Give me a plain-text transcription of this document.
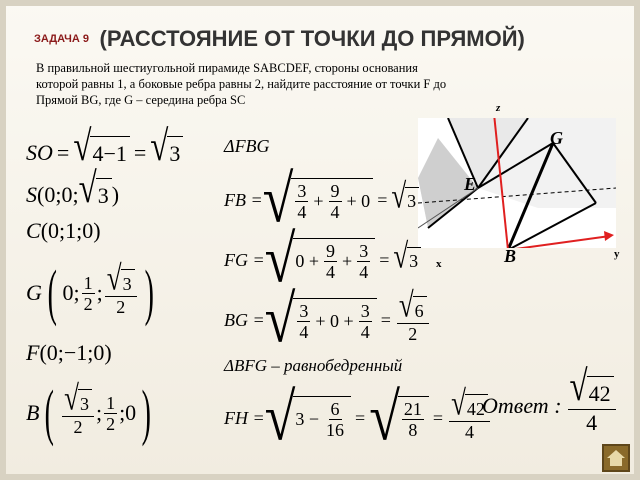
ЗАДАЧА 9 (РАССТОЯНИЕ ОТ ТОЧКИ ДО ПРЯМОЙ)
В правильной шестиугольной пирамиде SABCDEF, стороны основания
которой равны 1, а боковые ребра равны 2, найдите расстояние от точки F до
Прямой BG, где G – середина ребра SC
z
x
y
G
E
B
SO = √ 4−1 = √ 3
S (0;0; √ 3 )
C (0;1;0)
G ( 0; $\frac{1}{2}$ ; $\frac{√ 3}{2}$ )
F (0;−1;0)
B ( $\frac{√ 3}{2}$ ; $\frac{1}{2}$ ;0 )
ΔFBG
FB = √ $\frac{3}{4} + \frac{9}{4} + 0$ = √ 3
FG = √ $0 + \frac{9}{4} + \frac{3}{4}$ = √ 3
BG = √ $\frac{3}{4} + 0 + \frac{3}{4} = \frac{√ 6}{2}$
ΔBFG – равнобедренный
FH = √ $3 - \frac{6}{16}$ = √ $\frac{21}{8} = \frac{√ 42}{4}$
Ответ : $\frac{√ 42}{4}$
